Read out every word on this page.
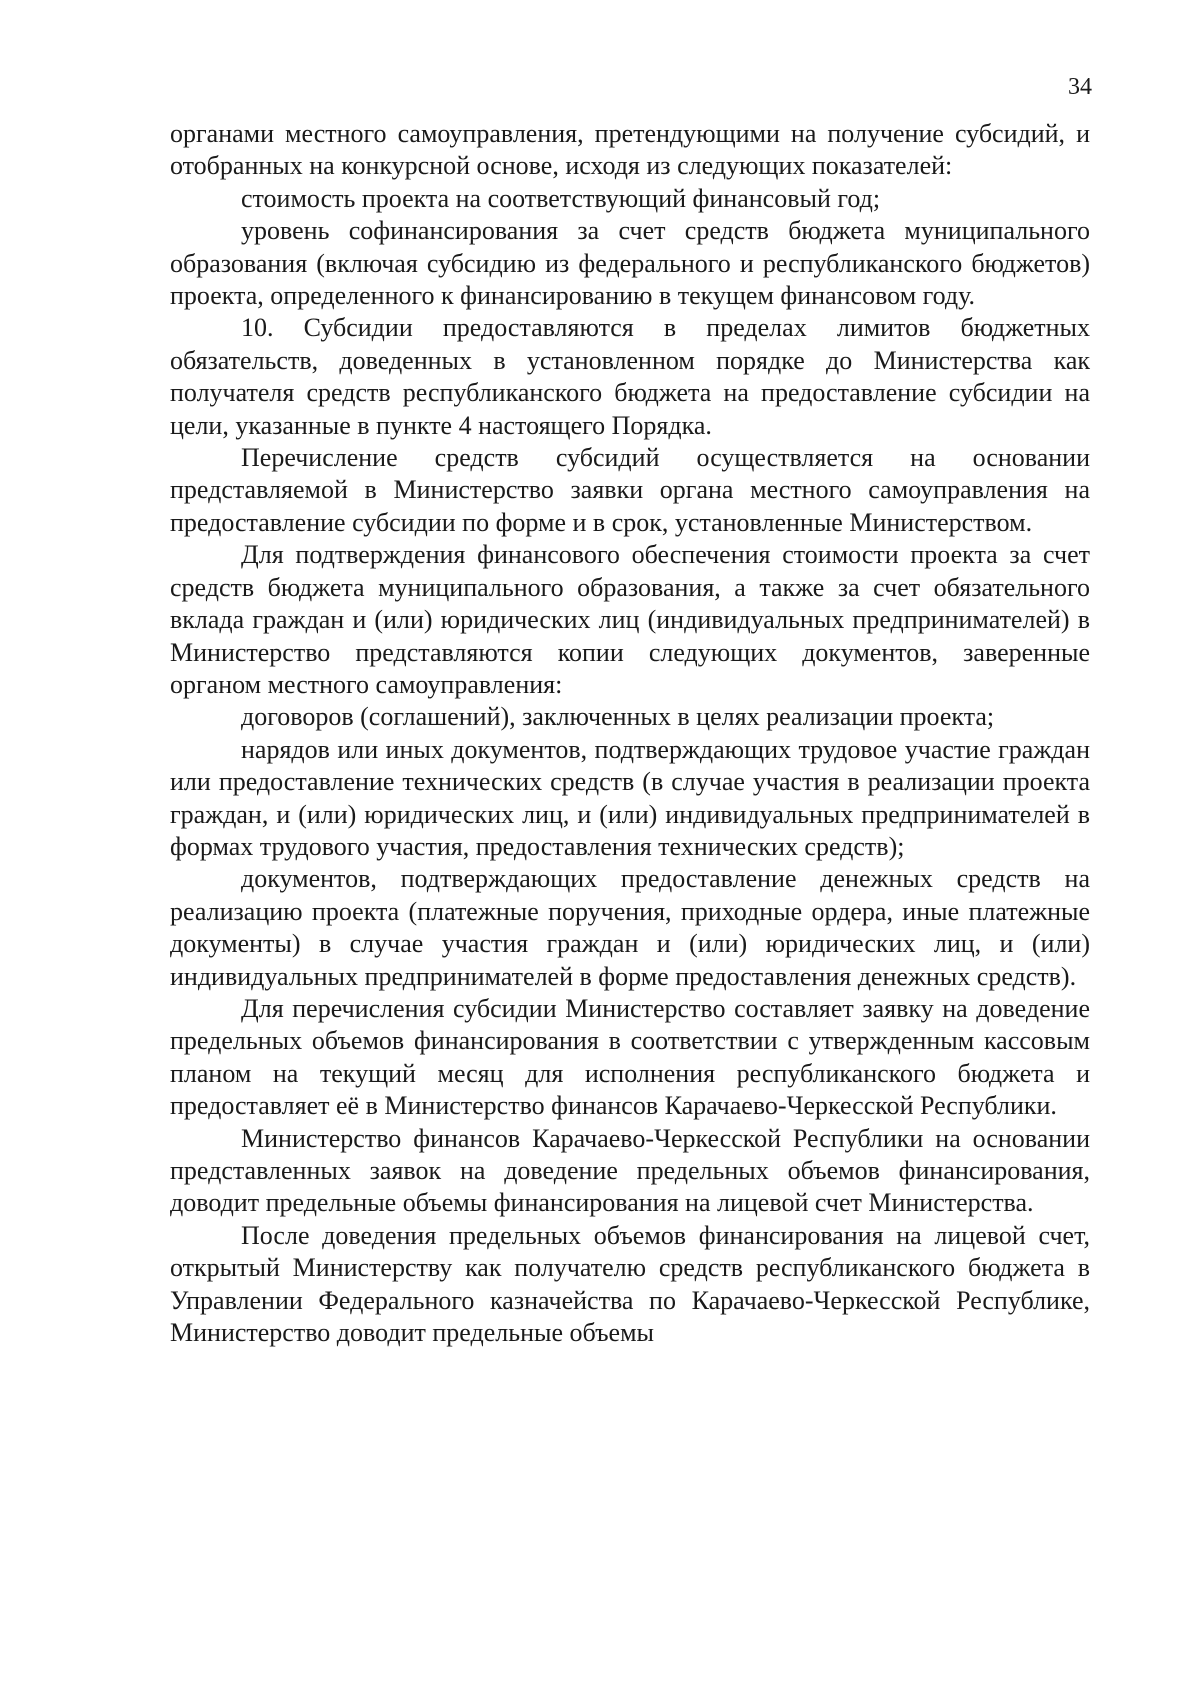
34

органами местного самоуправления, претендующими на получение субсидий, и отобранных на конкурсной основе, исходя из следующих показателей:

стоимость проекта на соответствующий финансовый год;

уровень софинансирования за счет средств бюджета муниципального образования (включая субсидию из федерального и республиканского бюджетов) проекта, определенного к финансированию в текущем финансовом году.

10. Субсидии предоставляются в пределах лимитов бюджетных обязательств, доведенных в установленном порядке до Министерства как получателя средств республиканского бюджета на предоставление субсидии на цели, указанные в пункте 4 настоящего Порядка.

Перечисление средств субсидий осуществляется на основании представляемой в Министерство заявки органа местного самоуправления на предоставление субсидии по форме и в срок, установленные Министерством.

Для подтверждения финансового обеспечения стоимости проекта за счет средств бюджета муниципального образования, а также за счет обязательного вклада граждан и (или) юридических лиц (индивидуальных предпринимателей) в Министерство представляются копии следующих документов, заверенные органом местного самоуправления:

договоров (соглашений), заключенных в целях реализации проекта;

нарядов или иных документов, подтверждающих трудовое участие граждан или предоставление технических средств (в случае участия в реализации проекта граждан, и (или) юридических лиц, и (или) индивидуальных предпринимателей в формах трудового участия, предоставления технических средств);

документов, подтверждающих предоставление денежных средств на реализацию проекта (платежные поручения, приходные ордера, иные платежные документы) в случае участия граждан и (или) юридических лиц, и (или) индивидуальных предпринимателей в форме предоставления денежных средств).

Для перечисления субсидии Министерство составляет заявку на доведение предельных объемов финансирования в соответствии с утвержденным кассовым планом на текущий месяц для исполнения республиканского бюджета и предоставляет её в Министерство финансов Карачаево-Черкесской Республики.

Министерство финансов Карачаево-Черкесской Республики на основании представленных заявок на доведение предельных объемов финансирования, доводит предельные объемы финансирования на лицевой счет Министерства.

После доведения предельных объемов финансирования на лицевой счет, открытый Министерству как получателю средств республиканского бюджета в Управлении Федерального казначейства по Карачаево-Черкесской Республике, Министерство доводит предельные объемы
